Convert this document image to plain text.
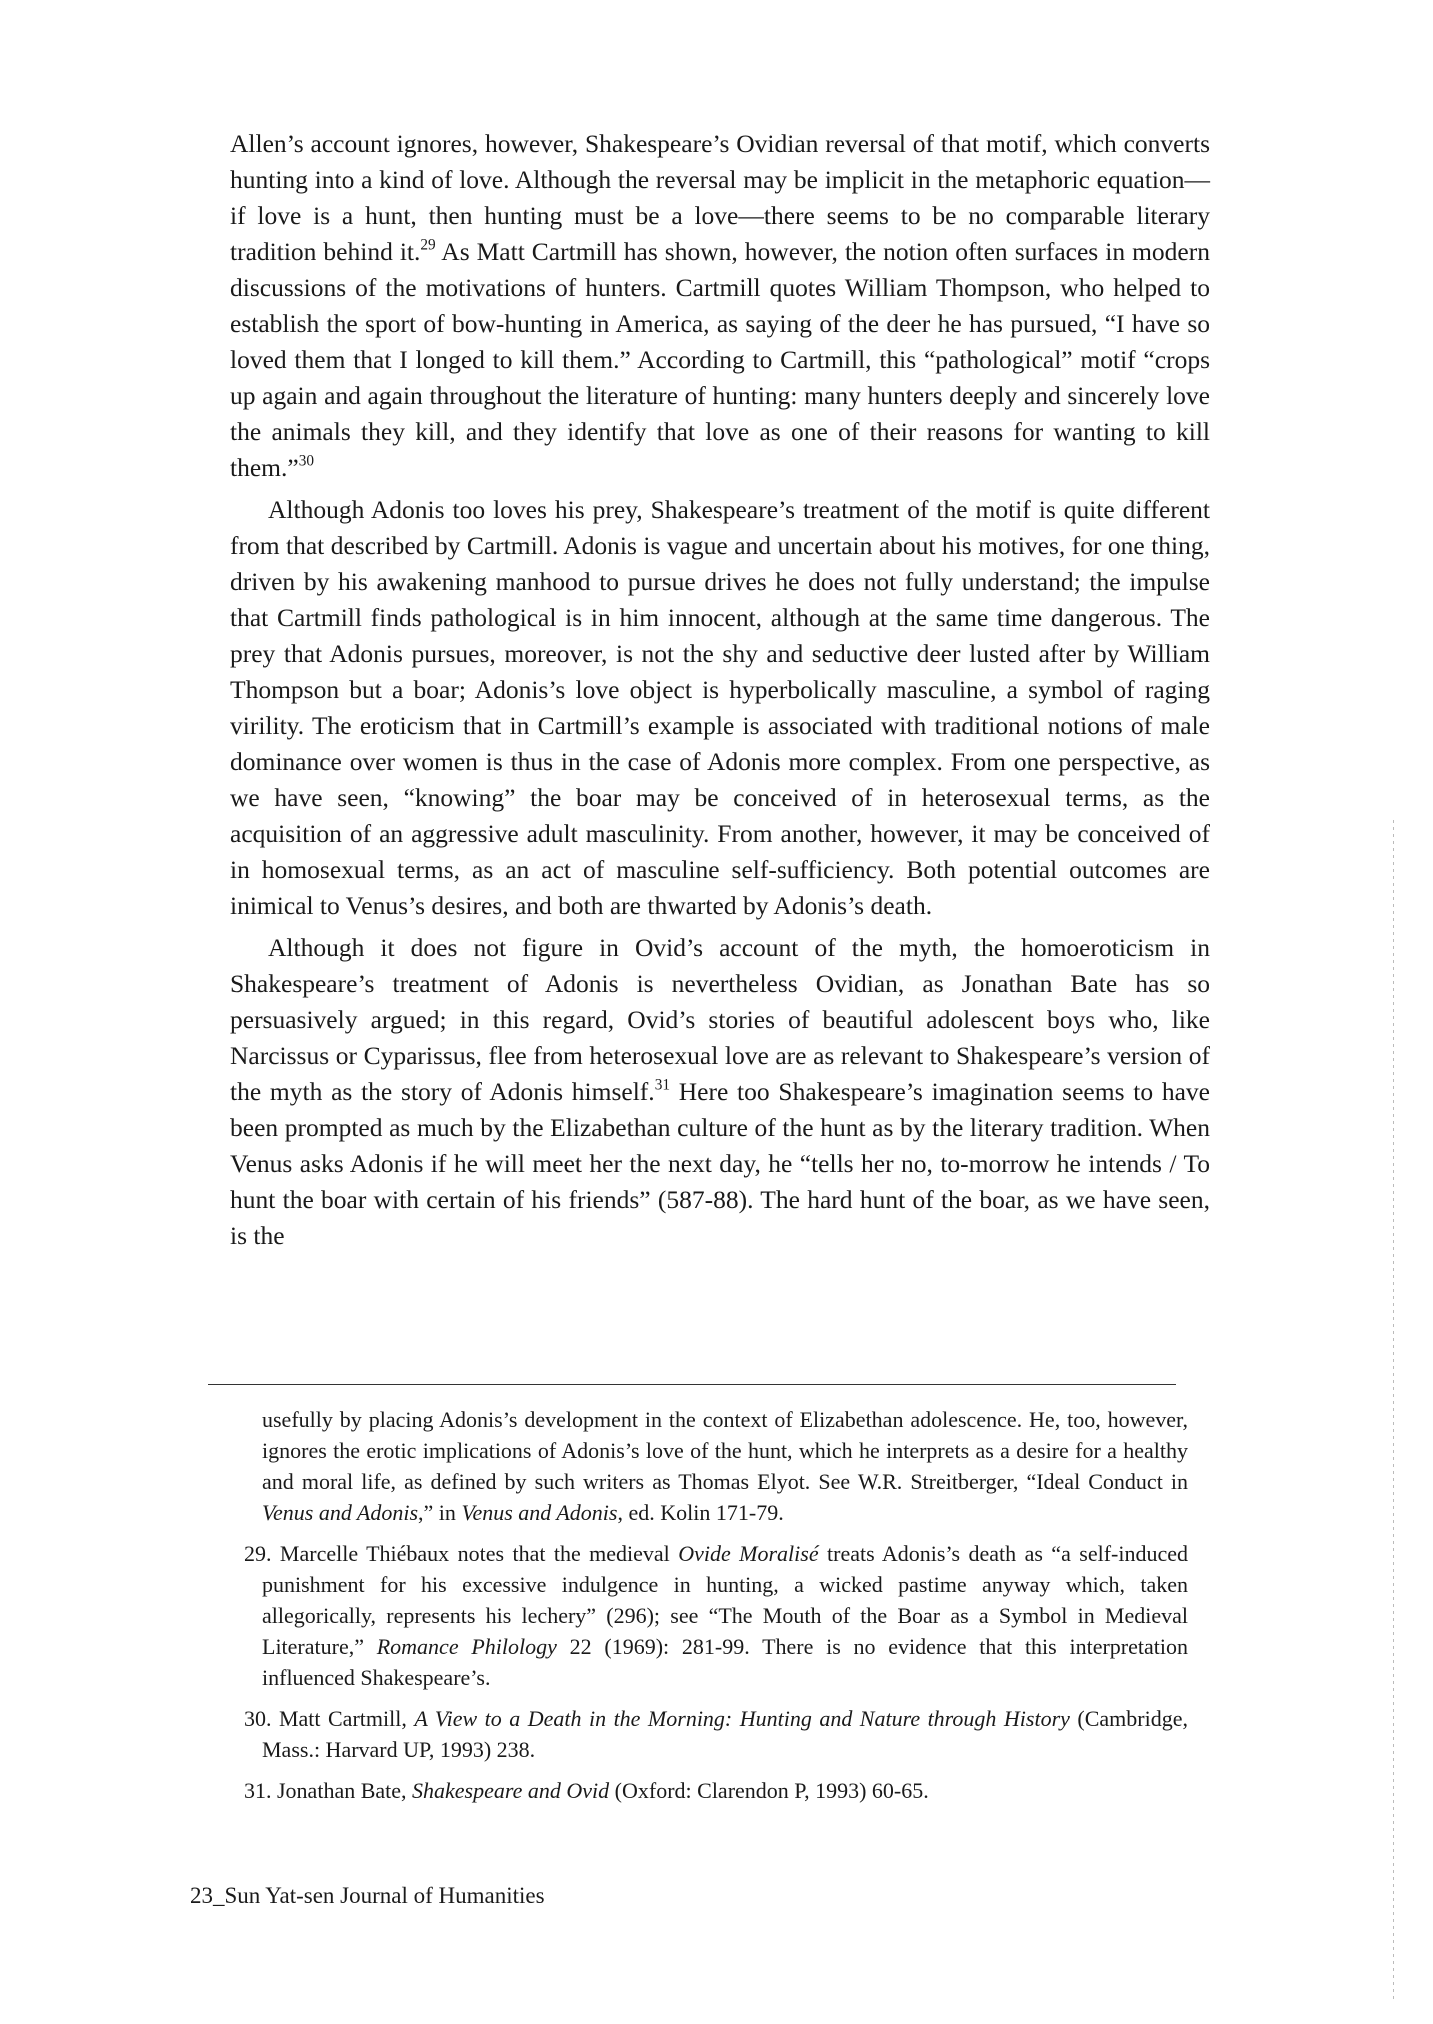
Allen’s account ignores, however, Shakespeare’s Ovidian reversal of that motif, which converts hunting into a kind of love. Although the reversal may be implicit in the metaphoric equation—if love is a hunt, then hunting must be a love—there seems to be no comparable literary tradition behind it.$^{29}$ As Matt Cartmill has shown, however, the notion often surfaces in modern discussions of the motivations of hunters. Cartmill quotes William Thompson, who helped to establish the sport of bow-hunting in America, as saying of the deer he has pursued, “I have so loved them that I longed to kill them.” According to Cartmill, this “pathological” motif “crops up again and again throughout the literature of hunting: many hunters deeply and sincerely love the animals they kill, and they identify that love as one of their reasons for wanting to kill them.”$^{30}$

Although Adonis too loves his prey, Shakespeare’s treatment of the motif is quite different from that described by Cartmill. Adonis is vague and uncertain about his motives, for one thing, driven by his awakening manhood to pursue drives he does not fully understand; the impulse that Cartmill finds pathological is in him innocent, although at the same time dangerous. The prey that Adonis pursues, moreover, is not the shy and seductive deer lusted after by William Thompson but a boar; Adonis’s love object is hyperbolically masculine, a symbol of raging virility. The eroticism that in Cartmill’s example is associated with traditional notions of male dominance over women is thus in the case of Adonis more complex. From one perspective, as we have seen, “knowing” the boar may be conceived of in heterosexual terms, as the acquisition of an aggressive adult masculinity. From another, however, it may be conceived of in homosexual terms, as an act of masculine self-sufficiency. Both potential outcomes are inimical to Venus’s desires, and both are thwarted by Adonis’s death.

Although it does not figure in Ovid’s account of the myth, the homoeroticism in Shakespeare’s treatment of Adonis is nevertheless Ovidian, as Jonathan Bate has so persuasively argued; in this regard, Ovid’s stories of beautiful adolescent boys who, like Narcissus or Cyparissus, flee from heterosexual love are as relevant to Shakespeare’s version of the myth as the story of Adonis himself.$^{31}$ Here too Shakespeare’s imagination seems to have been prompted as much by the Elizabethan culture of the hunt as by the literary tradition. When Venus asks Adonis if he will meet her the next day, he “tells her no, to-morrow he intends / To hunt the boar with certain of his friends” (587-88). The hard hunt of the boar, as we have seen, is the

usefully by placing Adonis’s development in the context of Elizabethan adolescence. He, too, however, ignores the erotic implications of Adonis’s love of the hunt, which he interprets as a desire for a healthy and moral life, as defined by such writers as Thomas Elyot. See W.R. Streitberger, “Ideal Conduct in Venus and Adonis,” in Venus and Adonis, ed. Kolin 171-79.
29. Marcelle Thiébaux notes that the medieval Ovide Moralisé treats Adonis’s death as “a self-induced punishment for his excessive indulgence in hunting, a wicked pastime anyway which, taken allegorically, represents his lechery” (296); see “The Mouth of the Boar as a Symbol in Medieval Literature,” Romance Philology 22 (1969): 281-99. There is no evidence that this interpretation influenced Shakespeare’s.
30. Matt Cartmill, A View to a Death in the Morning: Hunting and Nature through History (Cambridge, Mass.: Harvard UP, 1993) 238.
31. Jonathan Bate, Shakespeare and Ovid (Oxford: Clarendon P, 1993) 60-65.
23_Sun Yat-sen Journal of Humanities
